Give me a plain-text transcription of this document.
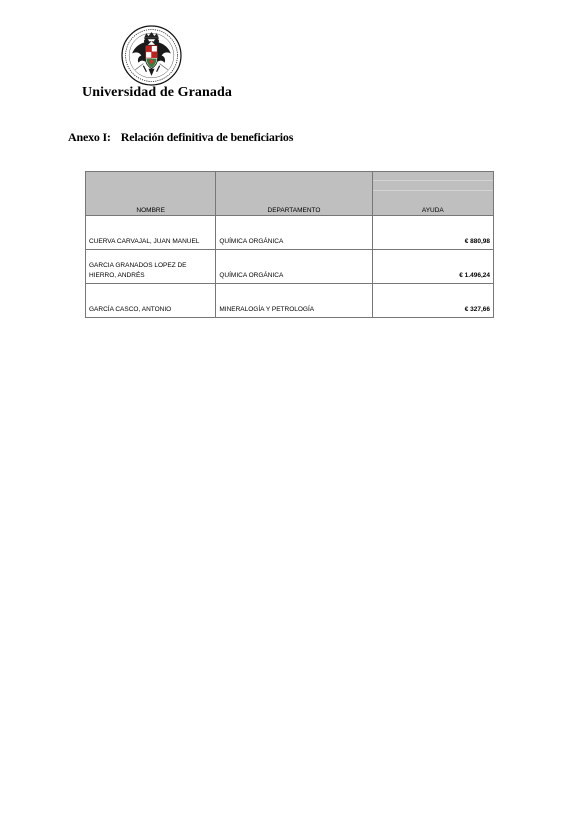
Universidad de Granada
Anexo I: Relación definitiva de beneficiarios
NOMBRE	DEPARTAMENTO	AYUDA
CUERVA CARVAJAL, JUAN MANUEL	QUÍMICA ORGÁNICA	€ 880,98
GARCIA GRANADOS LOPEZ DE HIERRO, ANDRÉS	QUÍMICA ORGÁNICA	€ 1.496,24
GARCÍA CASCO, ANTONIO	MINERALOGÍA Y PETROLOGÍA	€ 327,66
